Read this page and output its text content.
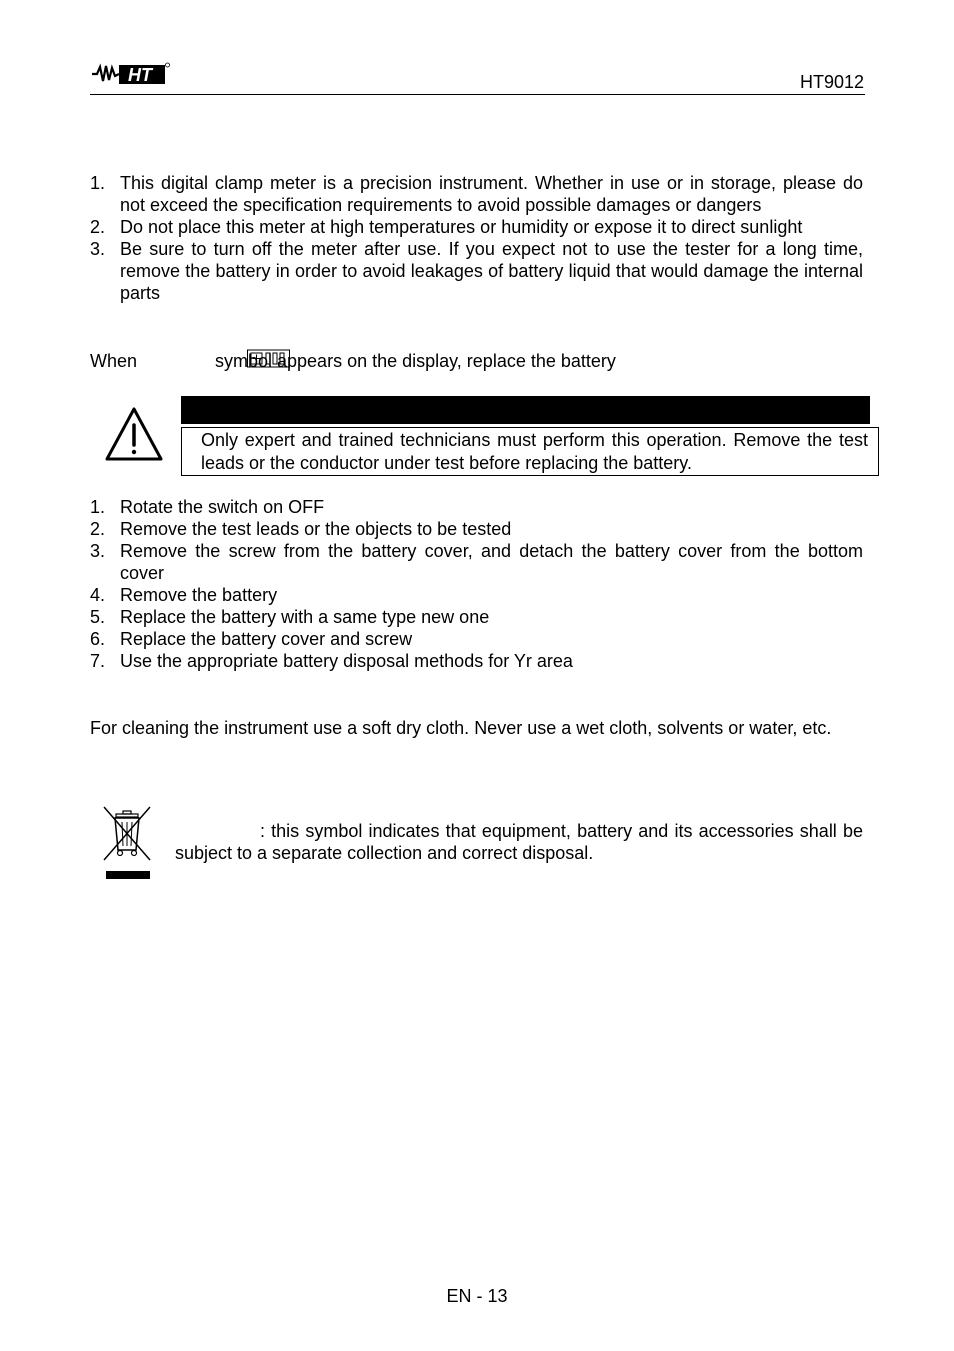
HT	HT9012
1. This digital clamp meter is a precision instrument. Whether in use or in storage, please do not exceed the specification requirements to avoid possible damages or dangers
2. Do not place this meter at high temperatures or humidity or expose it to direct sunlight
3. Be sure to turn off the meter after use. If you expect not to use the tester for a long time, remove the battery in order to avoid leakages of battery liquid that would damage the internal parts
When	symbol appears on the display, replace the battery
Only expert and trained technicians must perform this operation. Remove the test leads or the conductor under test before replacing the battery.
1. Rotate the switch on OFF
2. Remove the test leads or the objects to be tested
3. Remove the screw from the battery cover, and detach the battery cover from the bottom cover
4. Remove the battery
5. Replace the battery with a same type new one
6. Replace the battery cover and screw
7. Use the appropriate battery disposal methods for Yr area
For cleaning the instrument use a soft dry cloth. Never use a wet cloth, solvents or water, etc.
: this symbol indicates that equipment, battery and its accessories shall be subject to a separate collection and correct disposal.
EN - 13
